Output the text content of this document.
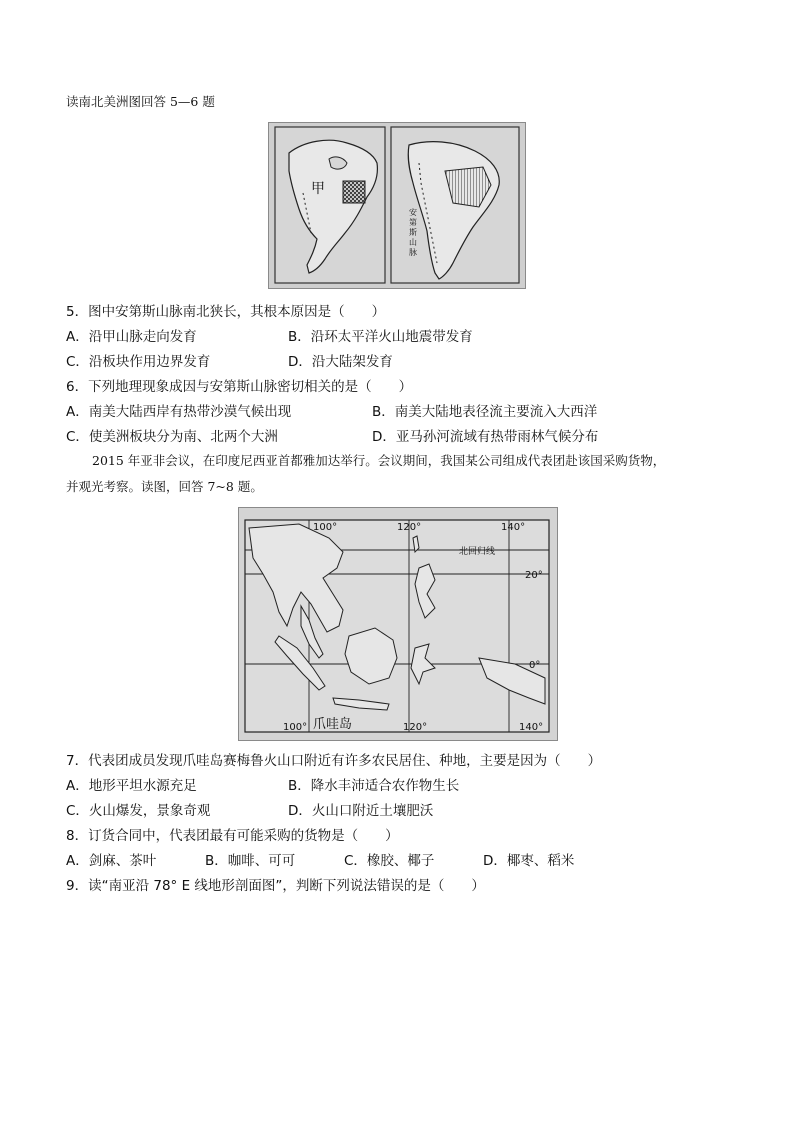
读南北美洲图回答 5—6 题
甲
安
第
斯
山
脉
5．图中安第斯山脉南北狭长，其根本原因是（　　）
A．沿甲山脉走向发育	B．沿环太平洋火山地震带发育
C．沿板块作用边界发育	D．沿大陆架发育
6．下列地理现象成因与安第斯山脉密切相关的是（　　）
A．南美大陆西岸有热带沙漠气候出现	B．南美大陆地表径流主要流入大西洋
C．使美洲板块分为南、北两个大洲	D．亚马孙河流域有热带雨林气候分布
2015 年亚非会议，在印度尼西亚首都雅加达举行。会议期间，我国某公司组成代表团赴该国采购货物，
并观光考察。读图，回答 7~8 题。
100°	120°	140°
北回归线
20°
0°
100° 爪哇岛	120°	140°
7．代表团成员发现爪哇岛赛梅鲁火山口附近有许多农民居住、种地，主要是因为（　　）
A．地形平坦水源充足	B．降水丰沛适合农作物生长
C．火山爆发，景象奇观	D．火山口附近土壤肥沃
8．订货合同中，代表团最有可能采购的货物是（　　）
A．剑麻、茶叶	B．咖啡、可可	C．橡胶、椰子	D．椰枣、稻米
9．读“南亚沿 78° E 线地形剖面图”，判断下列说法错误的是（　　）
